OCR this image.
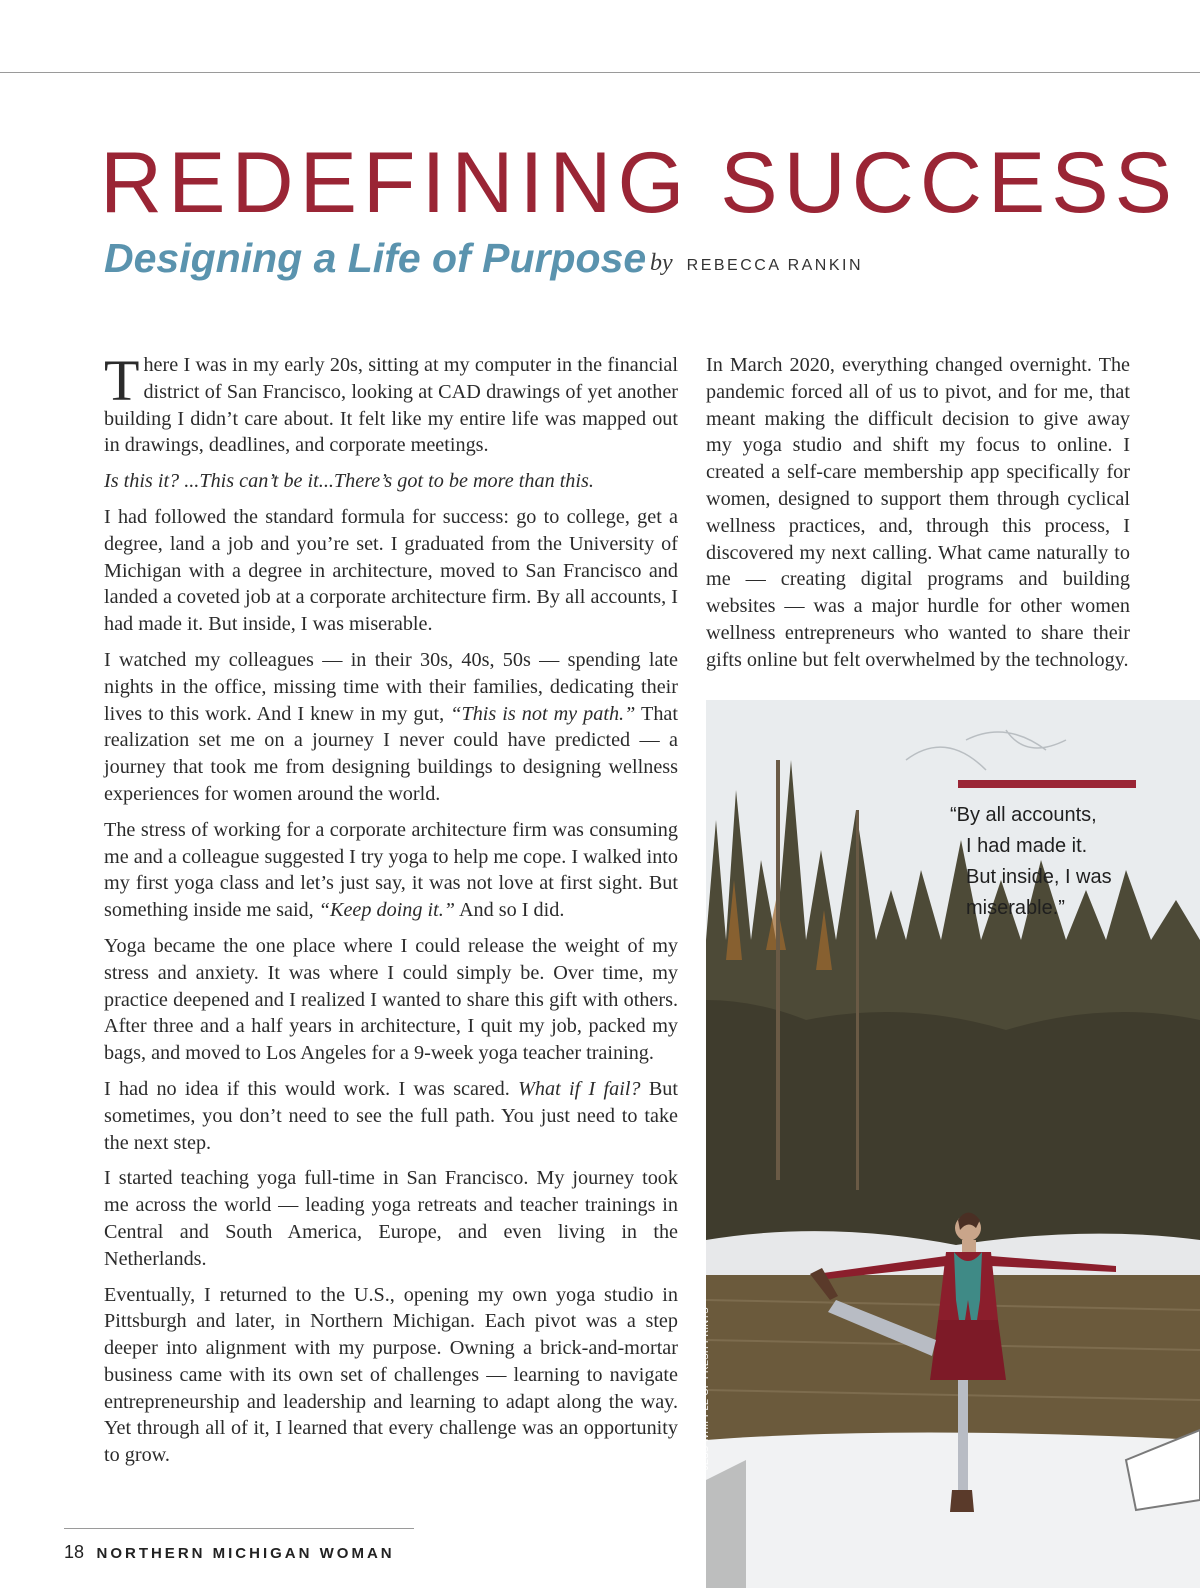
REDEFINING SUCCESS
Designing a Life of Purpose by REBECCA RANKIN

There I was in my early 20s, sitting at my computer in the financial district of San Francisco, looking at CAD drawings of yet another building I didn’t care about. It felt like my entire life was mapped out in drawings, deadlines, and corporate meetings.

Is this it? ...This can’t be it...There’s got to be more than this.

I had followed the standard formula for success: go to college, get a degree, land a job and you’re set. I graduated from the University of Michigan with a degree in architecture, moved to San Francisco and landed a coveted job at a corporate architecture firm. By all accounts, I had made it. But inside, I was miserable.

I watched my colleagues — in their 30s, 40s, 50s — spending late nights in the office, missing time with their families, dedicating their lives to this work. And I knew in my gut, “This is not my path.” That realization set me on a journey I never could have predicted — a journey that took me from designing buildings to designing wellness experiences for women around the world.

The stress of working for a corporate architecture firm was consuming me and a colleague suggested I try yoga to help me cope. I walked into my first yoga class and let’s just say, it was not love at first sight. But something inside me said, “Keep doing it.” And so I did.

Yoga became the one place where I could release the weight of my stress and anxiety. It was where I could simply be. Over time, my practice deepened and I realized I wanted to share this gift with others. After three and a half years in architecture, I quit my job, packed my bags, and moved to Los Angeles for a 9-week yoga teacher training.

I had no idea if this would work. I was scared. What if I fail? But sometimes, you don’t need to see the full path. You just need to take the next step.

I started teaching yoga full-time in San Francisco. My journey took me across the world — leading yoga retreats and teacher trainings in Central and South America, Europe, and even living in the Netherlands.

Eventually, I returned to the U.S., opening my own yoga studio in Pittsburgh and later, in Northern Michigan. Each pivot was a step deeper into alignment with my purpose. Owning a brick-and-mortar business came with its own set of challenges — learning to navigate entrepreneurship and leadership and learning to adapt along the way. Yet through all of it, I learned that every challenge was an opportunity to grow.

In March 2020, everything changed overnight. The pandemic forced all of us to pivot, and for me, that meant making the difficult decision to give away my yoga studio and shift my focus to online. I created a self-care membership app specifically for women, designed to support them through cyclical wellness practices, and, through this process, I discovered my next calling. What came naturally to me — creating digital programs and building websites — was a major hurdle for other women wellness entrepreneurs who wanted to share their gifts online but felt overwhelmed by the technology.

JESS WHIPPLE OF FRESH PRINTS
“By all accounts,
I had made it.
But inside, I was
miserable.”
18 NORTHERN MICHIGAN WOMAN
